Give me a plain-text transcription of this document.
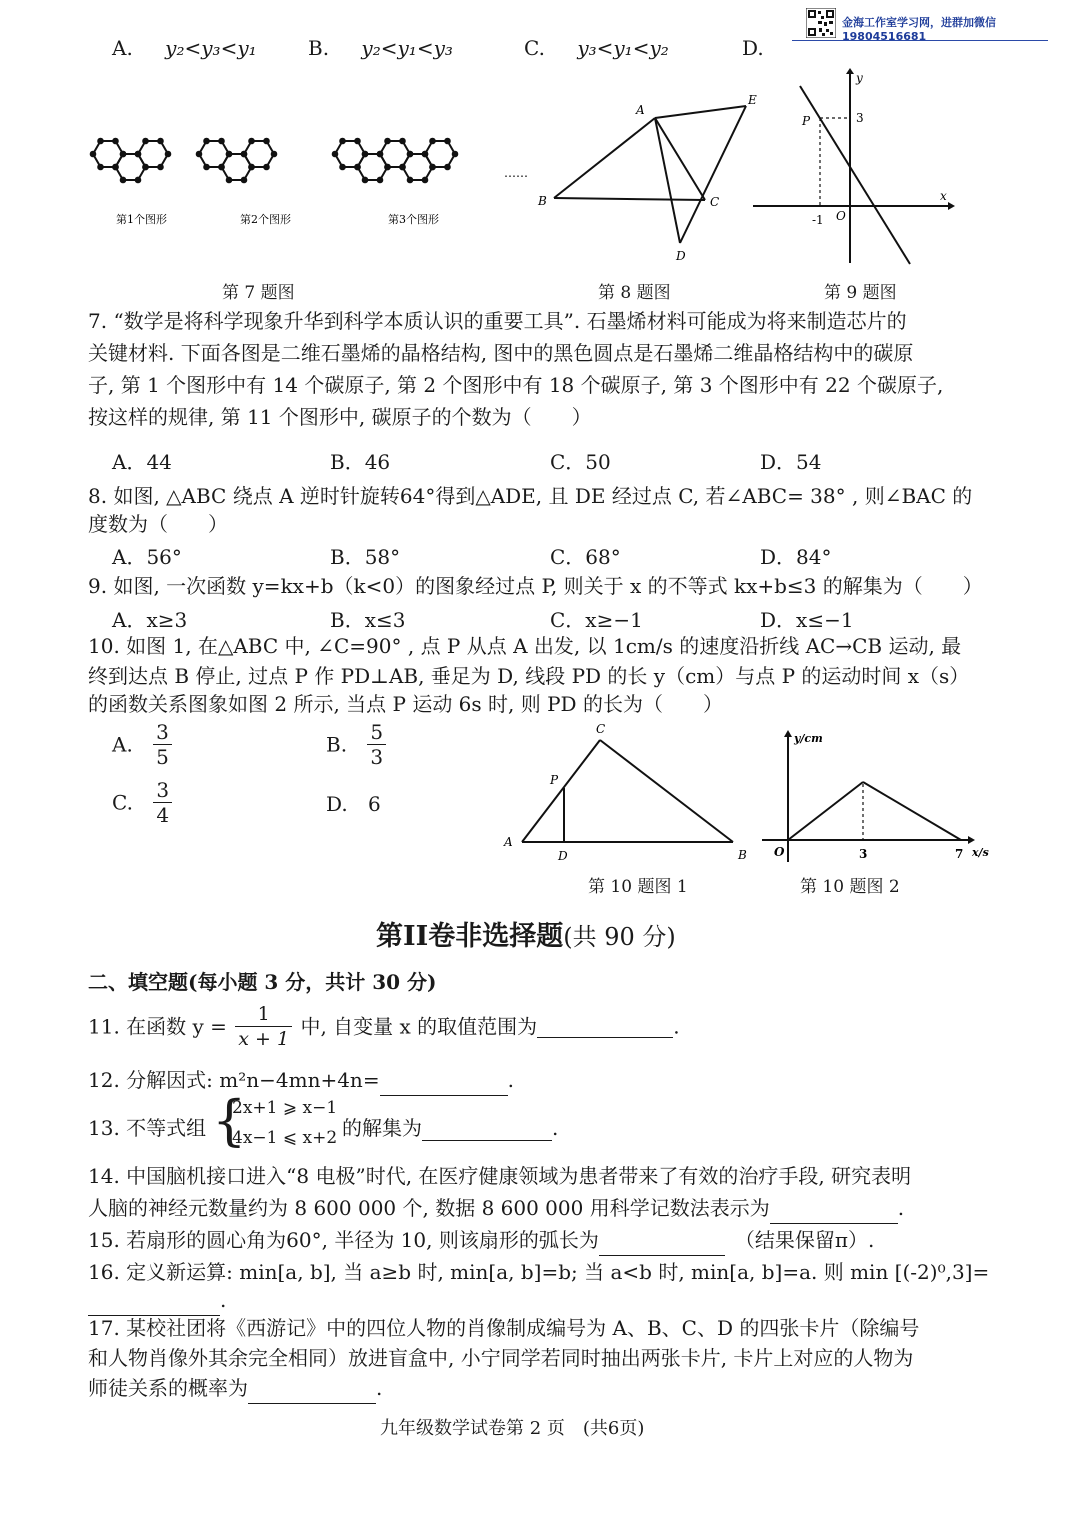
金海工作室学习网，进群加微信19804516681
A. y₂<y₃<y₁	B. y₂<y₁<y₃	C. y₃<y₁<y₂	D.
第1个图形	第2个图形	第3个图形
……
A
E
B	C
D
y
x
P	3
-1 O
第 7 题图	第 8 题图	第 9 题图
7. “数学是将科学现象升华到科学本质认识的重要工具”. 石墨烯材料可能成为将来制造芯片的
关键材料. 下面各图是二维石墨烯的晶格结构, 图中的黑色圆点是石墨烯二维晶格结构中的碳原
子, 第 1 个图形中有 14 个碳原子, 第 2 个图形中有 18 个碳原子, 第 3 个图形中有 22 个碳原子,
按这样的规律, 第 11 个图形中, 碳原子的个数为（　　）
A．44	B．46	C．50	D．54
8. 如图, △ABC 绕点 A 逆时针旋转64°得到△ADE, 且 DE 经过点 C, 若∠ABC= 38° , 则∠BAC 的
度数为（　　）
A．56°	B．58°	C．68°	D．84°
9. 如图, 一次函数 y=kx+b（k<0）的图象经过点 P, 则关于 x 的不等式 kx+b≤3 的解集为（　　）
A．x≥3	B．x≤3	C．x≥−1	D．x≤−1
10. 如图 1, 在△ABC 中, ∠C=90° , 点 P 从点 A 出发, 以 1cm/s 的速度沿折线 AC→CB 运动, 最
终到达点 B 停止, 过点 P 作 PD⊥AB, 垂足为 D, 线段 PD 的长 y（cm）与点 P 的运动时间 x（s）
的函数关系图象如图 2 所示, 当点 P 运动 6s 时, 则 PD 的长为（　　）
A. $\frac{3}{5}$	B. $\frac{5}{3}$
C. $\frac{3}{4}$	D. 6
C
P
A
D	B
y/cm
x/s
O	3	7
第 10 题图 1	第 10 题图 2
第II卷非选择题(共 90 分)
二、填空题(每小题 3 分，共计 30 分)
11. 在函数 $y = \frac{1}{x + 1}$ 中, 自变量 x 的取值范围为	.
12. 分解因式: m²n−4mn+4n=	.
13. 不等式组 {
2x+1 ⩾ x−1
4x−1 ⩽ x+2 的解集为	.
14. 中国脑机接口进入“8 电极”时代, 在医疗健康领域为患者带来了有效的治疗手段, 研究表明
人脑的神经元数量约为 8 600 000 个, 数据 8 600 000 用科学记数法表示为	.
15. 若扇形的圆心角为60°, 半径为 10, 则该扇形的弧长为	（结果保留π）.
16. 定义新运算: min[a, b], 当 a≥b 时, min[a, b]=b; 当 a<b 时, min[a, b]=a. 则 min [(-2)⁰,3]=
.
17. 某校社团将《西游记》中的四位人物的肖像制成编号为 A、B、C、D 的四张卡片（除编号
和人物肖像外其余完全相同）放进盲盒中, 小宁同学若同时抽出两张卡片, 卡片上对应的人物为
师徒关系的概率为	.
九年级数学试卷第 2 页　(共6页)
